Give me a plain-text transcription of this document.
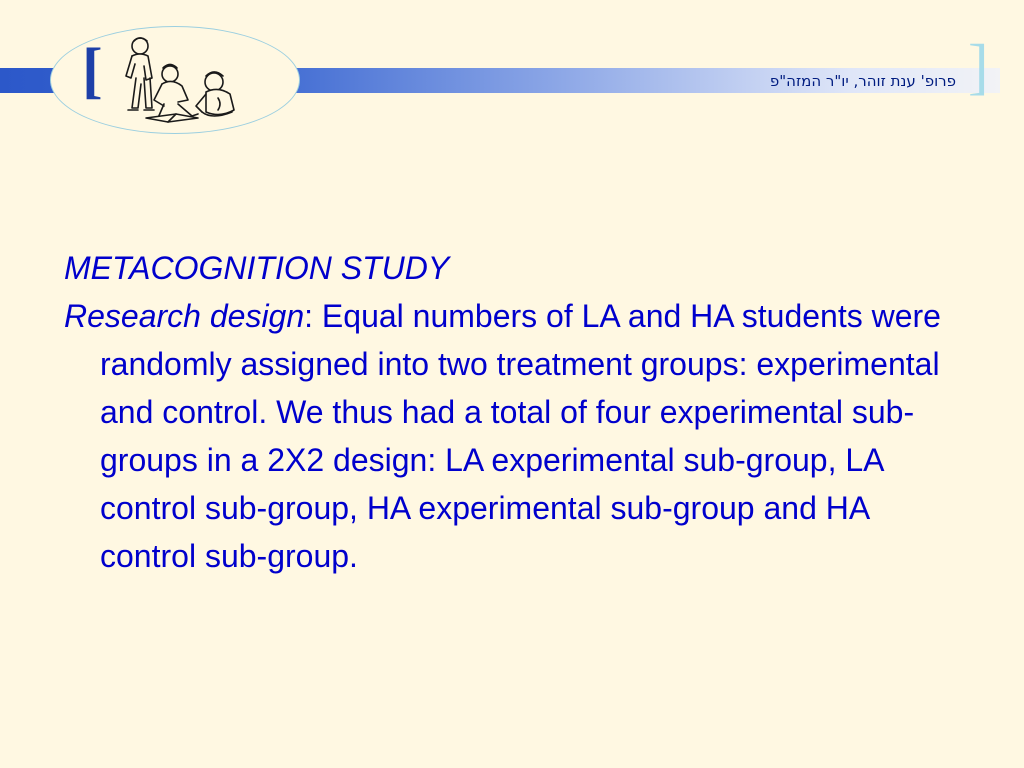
[	פרופ' ענת זוהר, יו"ר המזה"פ ]

METACOGNITION STUDY

Research design: Equal numbers of LA and HA students were randomly assigned into two treatment groups: experimental and control. We thus had a total of four experimental sub-groups in a 2X2 design: LA experimental sub-group, LA control sub-group, HA experimental sub-group and HA control sub-group.
